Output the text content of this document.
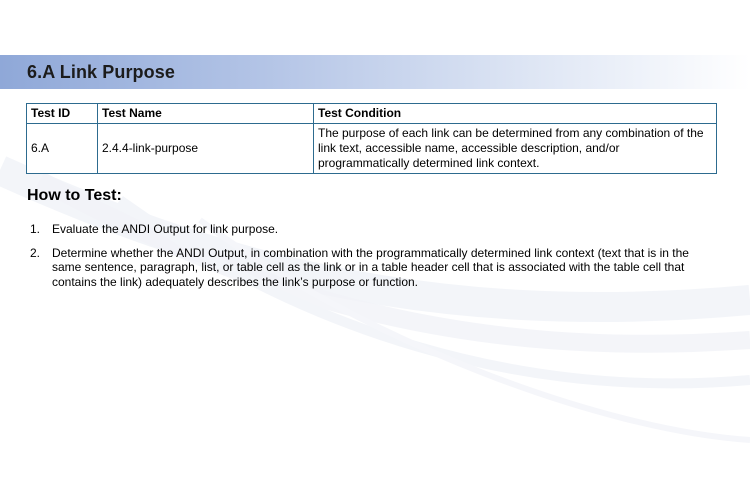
6.A Link Purpose
Test ID	Test Name	Test Condition
6.A	2.4.4-link-purpose	The purpose of each link can be determined from any combination of the link text, accessible name, accessible description, and/or programmatically determined link context.
How to Test:
1. Evaluate the ANDI Output for link purpose.
2. Determine whether the ANDI Output, in combination with the programmatically determined link context (text that is in the same sentence, paragraph, list, or table cell as the link or in a table header cell that is associated with the table cell that contains the link) adequately describes the link’s purpose or function.
